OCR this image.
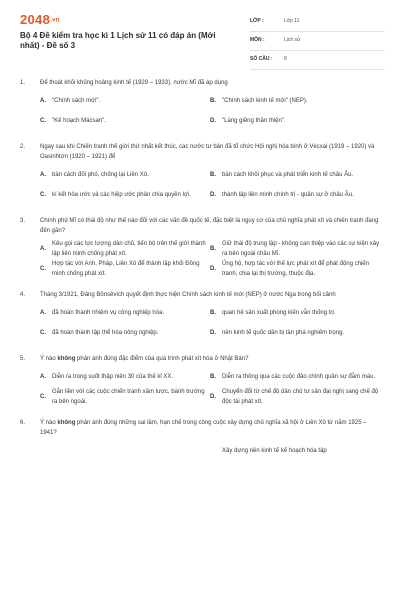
2048.vn
Bộ 4 Đề kiểm tra học kì 1 Lịch sử 11 có đáp án (Mới nhất) - Đề số 3
LỚP :	Lớp 11
MÔN :	Lịch sử
SỐ CÂU : 8
1. Để thoát khỏi khủng hoảng kinh tế (1929 – 1933), nước Mĩ đã áp dụng
A. "Chính sách mới".	B. "Chính sách kinh tế mới" (NEP).
C. "Kế hoạch Mácsan".	D. "Láng giềng thân thiện".
2. Ngay sau khi Chiến tranh thế giới thứ nhất kết thúc, các nước tư bản đã tổ chức Hội nghị hòa bình ở Vécxai (1919 – 1920) và Oasinhtơn (1920 – 1921) để
A. bàn cách đối phó, chống lại Liên Xô.	B. bàn cách khôi phục và phát triển kinh tế châu Âu.
C. kí kết hòa ước và các hiệp ước phân chia quyền lợi.	D. thành lập liên minh chính trị - quân sự ở châu Âu.
3. Chính phủ Mĩ có thái độ như thế nào đối với các vấn đề quốc tế, đặc biệt là nguy cơ của chủ nghĩa phát xít và chiến tranh đang đến gần?
A.
Kêu gọi các lực lượng dân chủ, tiến bộ trên thế giới thành lập liên minh chống phát xít.
B.
Giữ thái độ trung lập - không can thiệp vào các sự kiện xảy ra bên ngoài châu Mĩ.
C.
Hợp tác với Anh, Pháp, Liên Xô để thành lập khối Đồng minh chống phát xít.
D.
Ủng hộ, hợp tác với thế lực phát xít để phát động chiến tranh, chia lại thị trường, thuộc địa.
4. Tháng 3/1921, Đảng Bônsêvích quyết định thực hiện Chính sách kinh tế mới (NEP) ở nước Nga trong bối cảnh
A. đã hoàn thành nhiệm vụ công nghiệp hóa.	B. quan hệ sản xuất phong kiến vẫn thống trị.
C. đã hoàn thành tập thể hóa nông nghiệp.	D. nền kinh tế quốc dân bị tàn phá nghiêm trọng.
5. Ý nào không phản ánh đúng đặc điểm của quá trình phát xít hóa ở Nhật Bản?
A. Diễn ra trong suốt thập niên 30 của thế kỉ XX.	B. Diễn ra thông qua các cuộc đảo chính quân sự đẫm máu.
C.
Gắn liền với các cuộc chiến tranh xâm lược, bành trướng ra bên ngoài.
D.
Chuyển đổi từ chế độ dân chủ tư sản đại nghị sang chế độ độc tài phát xít.
6. Ý nào không phản ánh đúng những sai lầm, hạn chế trong công cuộc xây dựng chủ nghĩa xã hội ở Liên Xô từ năm 1925 – 1941?
Xây dựng nền kinh tế kế hoạch hóa tập
